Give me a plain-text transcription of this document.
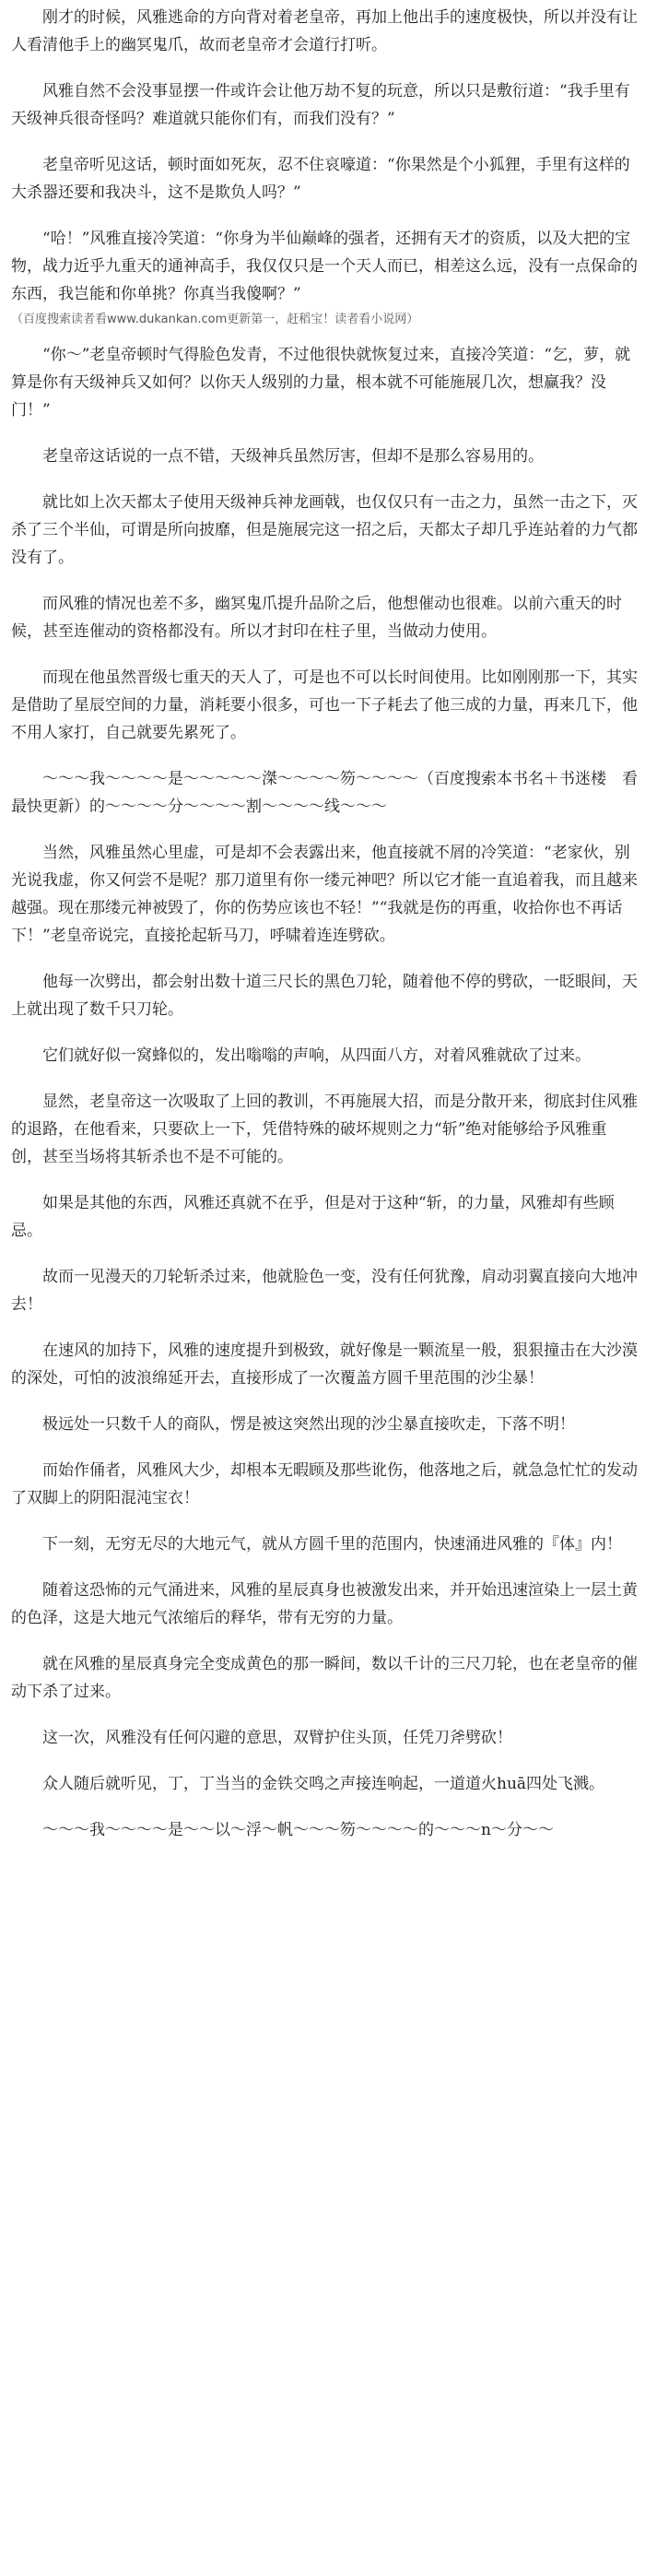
刚才的时候，风雅逃命的方向背对着老皇帝，再加上他出手的速度极快，所以并没有让人看清他手上的幽冥鬼爪，故而老皇帝才会道行打听。

风雅自然不会没事显摆一件或许会让他万劫不复的玩意，所以只是敷衍道：“我手里有天级神兵很奇怪吗？难道就只能你们有，而我们没有？”

老皇帝听见这话，顿时面如死灰，忍不住哀嚎道：“你果然是个小狐狸，手里有这样的大杀器还要和我决斗，这不是欺负人吗？”

“哈！”风雅直接冷笑道：“你身为半仙巅峰的强者，还拥有天才的资质，以及大把的宝物，战力近乎九重天的通神高手，我仅仅只是一个天人而已，相差这么远，没有一点保命的东西，我岂能和你单挑？你真当我傻啊？”

（百度搜索读者看www.dukankan.com更新第一，赶稻宝！读者看小说网）

“你～”老皇帝顿时气得脸色发青，不过他很快就恢复过来，直接冷笑道：“乞，萝，就算是你有天级神兵又如何？以你天人级别的力量，根本就不可能施展几次，想赢我？没门！”

老皇帝这话说的一点不错，天级神兵虽然厉害，但却不是那么容易用的。

就比如上次天都太子使用天级神兵神龙画戟，也仅仅只有一击之力，虽然一击之下，灭杀了三个半仙，可谓是所向披靡，但是施展完这一招之后，天都太子却几乎连站着的力气都没有了。

而风雅的情况也差不多，幽冥鬼爪提升品阶之后，他想催动也很难。以前六重天的时候，甚至连催动的资格都没有。所以才封印在柱子里，当做动力使用。

而现在他虽然晋级七重天的天人了，可是也不可以长时间使用。比如刚刚那一下，其实是借助了星辰空间的力量，消耗要小很多，可也一下子耗去了他三成的力量，再来几下，他不用人家打，自己就要先累死了。

～～～我～～～～是～～～～～滐～～～～笏～～～～（百度搜索本书名＋书迷楼　看最快更新）的～～～～分～～～～割～～～～线～～～

当然，风雅虽然心里虚，可是却不会表露出来，他直接就不屑的冷笑道：“老家伙，别光说我虚，你又何尝不是呢？那刀道里有你一缕元神吧？所以它才能一直追着我，而且越来越强。现在那缕元神被毁了，你的伤势应该也不轻！”“我就是伤的再重，收拾你也不再话下！”老皇帝说完，直接抡起斩马刀，呼啸着连连劈砍。

他每一次劈出，都会射出数十道三尺长的黑色刀轮，随着他不停的劈砍，一眨眼间，天上就出现了数千只刀轮。

它们就好似一窝蜂似的，发出嗡嗡的声响，从四面八方，对着风雅就砍了过来。

显然，老皇帝这一次吸取了上回的教训，不再施展大招，而是分散开来，彻底封住风雅的退路，在他看来，只要砍上一下，凭借特殊的破坏规则之力“斩”绝对能够给予风雅重创，甚至当场将其斩杀也不是不可能的。

如果是其他的东西，风雅还真就不在乎，但是对于这种“斩，的力量，风雅却有些顾忌。

故而一见漫天的刀轮斩杀过来，他就脸色一变，没有任何犹豫，肩动羽翼直接向大地冲去！

在速风的加持下，风雅的速度提升到极致，就好像是一颗流星一般，狠狠撞击在大沙漠的深处，可怕的波浪绵延开去，直接形成了一次覆盖方圆千里范围的沙尘暴！

极远处一只数千人的商队，愣是被这突然出现的沙尘暴直接吹走，下落不明！

而始作俑者，风雅风大少，却根本无暇顾及那些讹伤，他落地之后，就急急忙忙的发动了双脚上的阴阳混沌宝衣！

下一刻，无穷无尽的大地元气，就从方圆千里的范围内，快速涌进风雅的『体』内！

随着这恐怖的元气涌进来，风雅的星辰真身也被激发出来，并开始迅速渲染上一层土黄的色泽，这是大地元气浓缩后的释华，带有无穷的力量。

就在风雅的星辰真身完全变成黄色的那一瞬间，数以千计的三尺刀轮，也在老皇帝的催动下杀了过来。

这一次，风雅没有任何闪避的意思，双臂护住头顶，任凭刀斧劈砍！

众人随后就听见，丁，丁当当的金铁交鸣之声接连响起，一道道火huā四处飞溅。

～～～我～～～～是～～以～浮～帆～～～笏～～～～的～～～n～分～～
